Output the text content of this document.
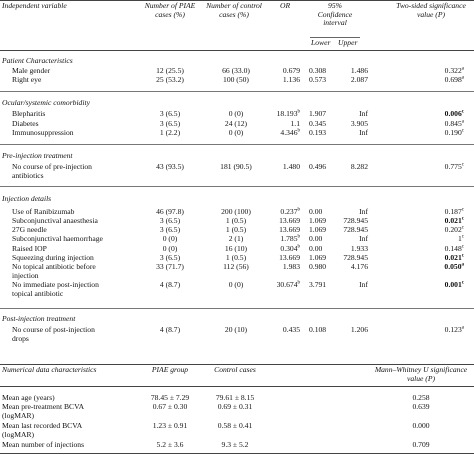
Independent variable	Number of PIAE
cases (%)
Number of control
cases (%)
OR	95%
Confidence
interval
Lower Upper
Two-sided significance
value (P)
Patient Characteristics
Male gender	12 (25.5)	66 (33.0)	0.679 0.308	1.486	0.322$^a$
Right eye	25 (53.2)	100 (50)	1.136 0.573	2.087	0.698$^a$
Ocular/systemic comorbidity
Blepharitis	3 (6.5)	0 (0)	18.193$^b$ 1.907	Inf	0.006$^c$
Diabetes	3 (6.5)	24 (12)	1.1 0.345	3.905	0.845$^a$
Immunosuppression	1 (2.2)	0 (0)	4.346$^b$ 0.193	Inf	0.190$^c$
Pre-injection treatment
No course of pre-injection
antibiotics
43 (93.5)	181 (90.5)	1.480 0.496	8.282	0.775$^c$
Injection details
Use of Ranibizumab	46 (97.8)	200 (100)	0.237$^b$ 0.00	Inf	0.187$^c$
Subconjunctival anaesthesia	3 (6.5)	1 (0.5)	13.669 1.069	728.945	0.021$^c$
27G needle	3 (6.5)	1 (0.5)	13.669 1.069	728.945	0.202$^c$
Subconjunctival haemorrhage	0 (0)	2 (1)	1.785$^b$ 0.00	Inf	1$^c$
Raised IOP	0 (0)	16 (10)	0.304$^b$ 0.00	1.933	0.148$^c$
Squeezing during injection	3 (6.5)	1 (0.5)	13.669 1.069	728.945	0.021$^c$
No topical antibiotic before
injection
33 (71.7)	112 (56)	1.983 0.980	4.176	0.050$^a$
No immediate post-injection
topical antibiotic
4 (8.7)	0 (0)	30.674$^b$ 3.791	Inf	0.001$^c$
Post-injection treatment
No course of post-injection
drops
4 (8.7)	20 (10)	0.435 0.108	1.206	0.123$^a$
Numerical data characteristics	PIAE group	Control cases	Mann–Whitney U significance
value (P)
Mean age (years)	78.45 ± 7.29	79.61 ± 8.15	0.258
Mean pre-treatment BCVA
(logMAR)
0.67 ± 0.30	0.69 ± 0.31	0.639
Mean last recorded BCVA
(logMAR)
1.23 ± 0.91	0.58 ± 0.41	0.000
Mean number of injections	5.2 ± 3.6	9.3 ± 5.2	0.709
